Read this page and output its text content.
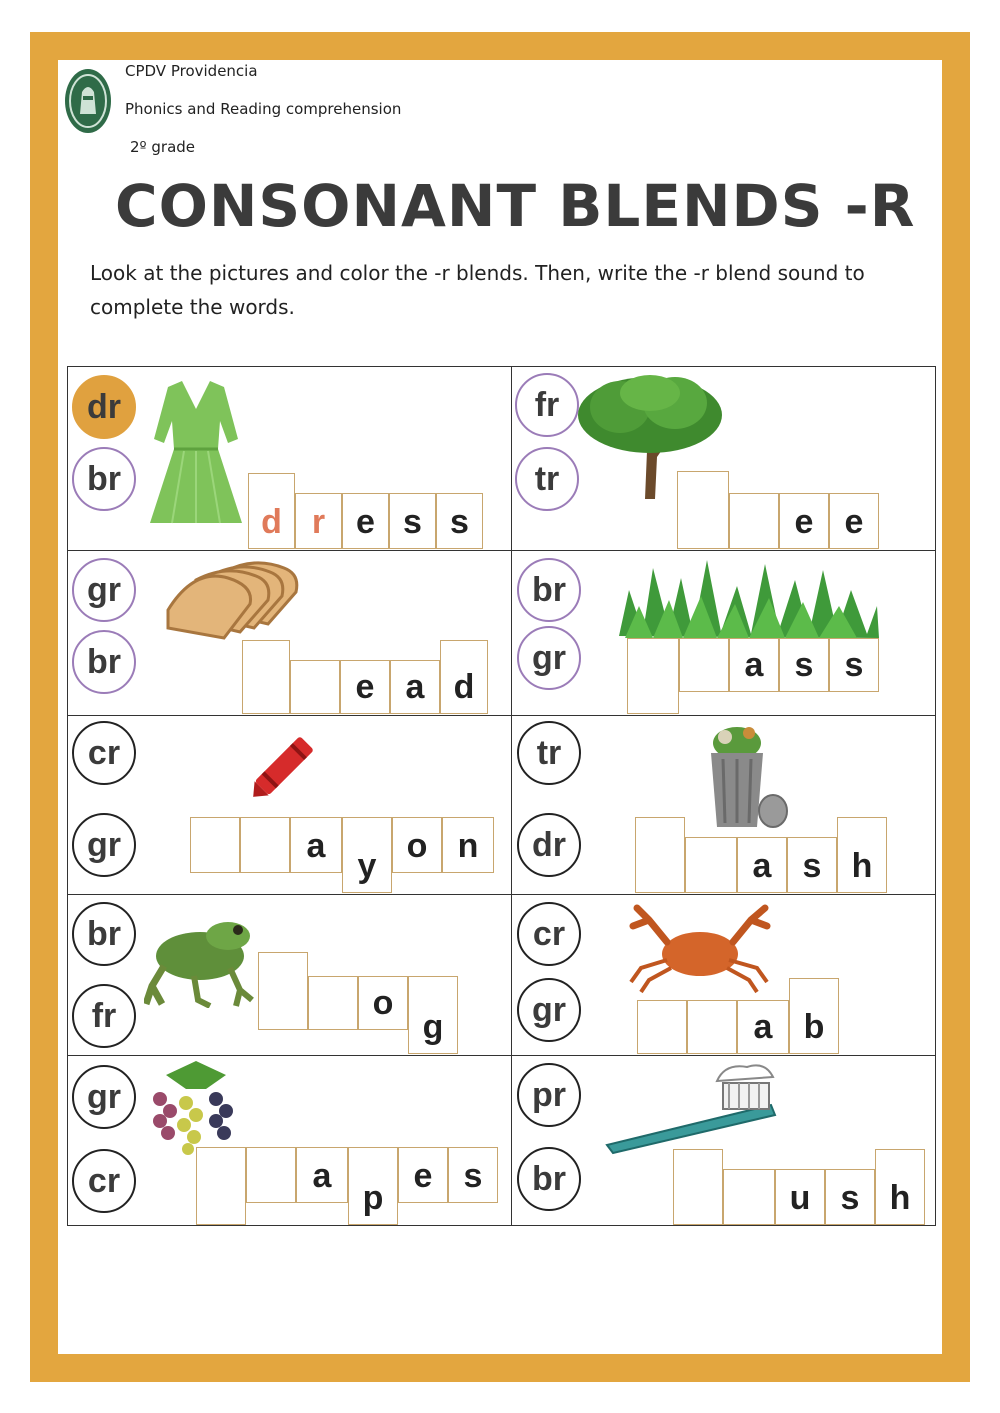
CPDV Providencia
Phonics and Reading comprehension
2º grade
CONSONANT BLENDS -R
Look at the pictures and color the -r blends. Then, write the -r blend sound to complete the words.
dr
br
d r e s s
fr
tr
e e
gr
br
e a d
br
gr	a s s
cr
gr	a
y
o n
tr
dr
a s h
br
fr	o
g
cr
gr	a b
gr
cr	a
p
e s
pr
br
u s h
